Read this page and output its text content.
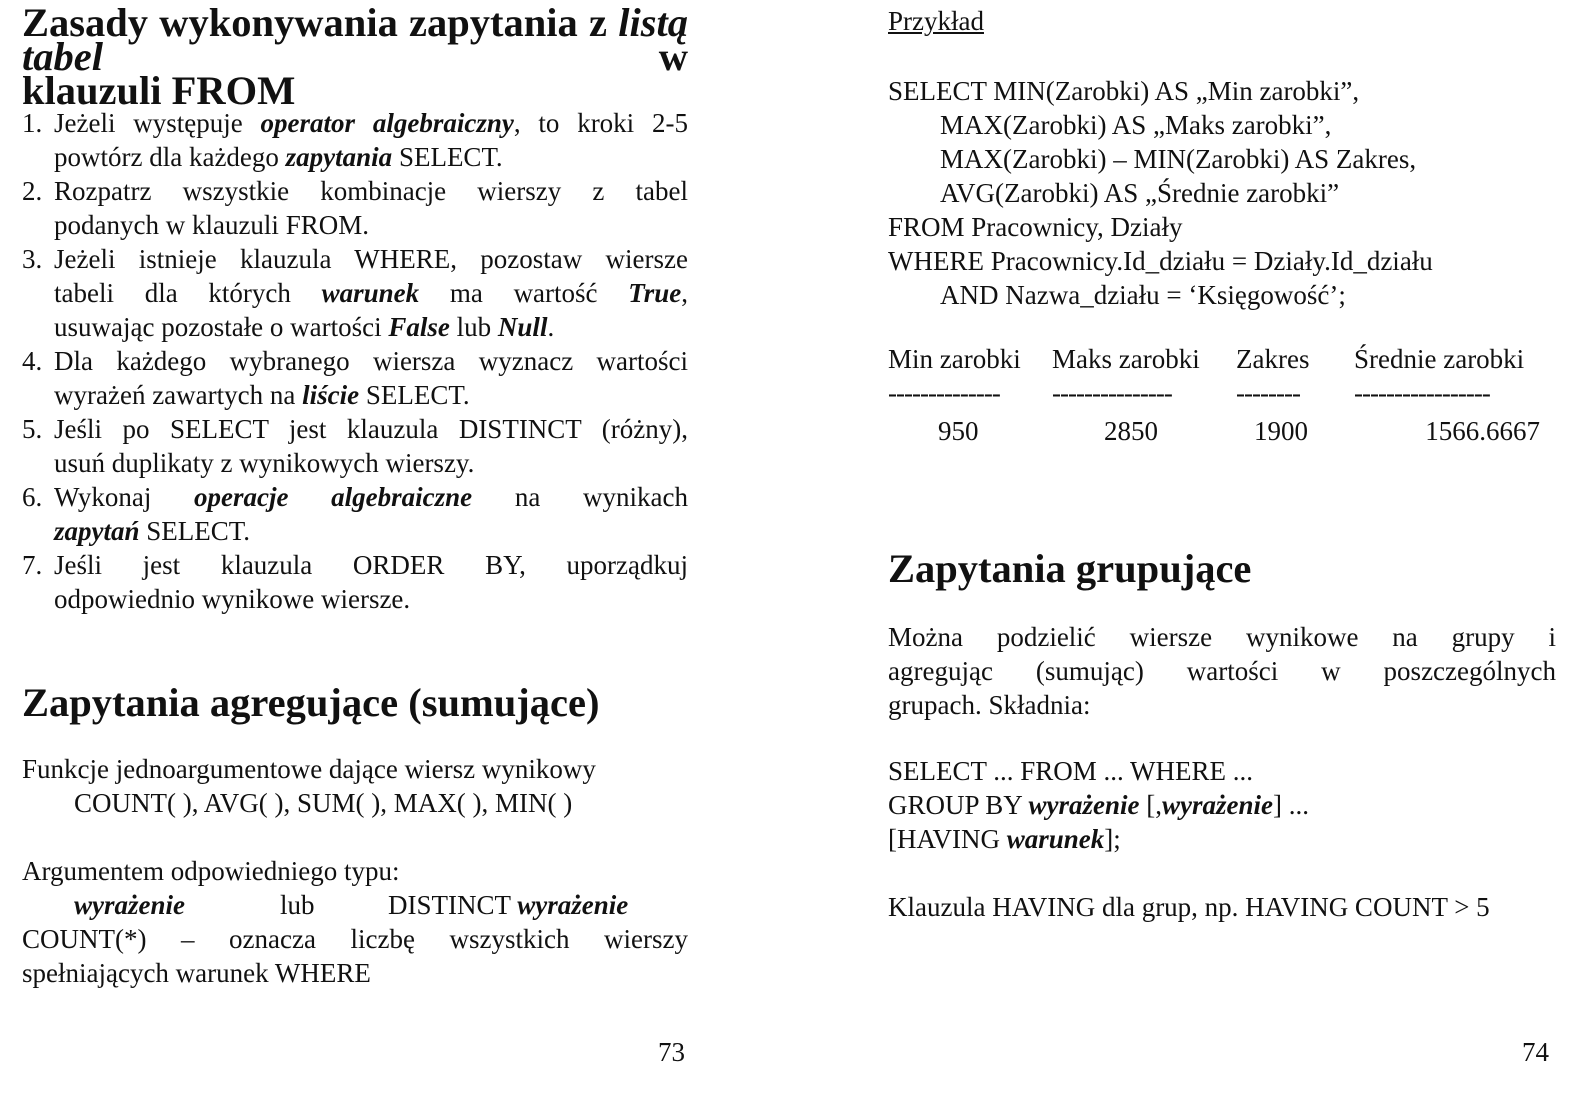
Zasady wykonywania zapytania z listą tabel w
klauzuli FROM
1. Jeżeli występuje operator algebraiczny, to kroki 2-5
powtórz dla każdego zapytania SELECT.
2. Rozpatrz wszystkie kombinacje wierszy z tabel
podanych w klauzuli FROM.
3. Jeżeli istnieje klauzula WHERE, pozostaw wiersze
tabeli dla których warunek ma wartość True,
usuwając pozostałe o wartości False lub Null.
4. Dla każdego wybranego wiersza wyznacz wartości
wyrażeń zawartych na liście SELECT.
5. Jeśli po SELECT jest klauzula DISTINCT (różny),
usuń duplikaty z wynikowych wierszy.
6. Wykonaj operacje algebraiczne na wynikach
zapytań SELECT.
7. Jeśli jest klauzula ORDER BY, uporządkuj
odpowiednio wynikowe wiersze.
Zapytania agregujące (sumujące)
Funkcje jednoargumentowe dające wiersz wynikowy
COUNT( ), AVG( ), SUM( ), MAX( ), MIN( )
Argumentem odpowiedniego typu:
wyrażenie	lub	DISTINCT wyrażenie
COUNT(*) – oznacza liczbę wszystkich wierszy
spełniających warunek WHERE
73
Przykład
SELECT MIN(Zarobki) AS „Min zarobki”,
MAX(Zarobki) AS „Maks zarobki”,
MAX(Zarobki) – MIN(Zarobki) AS Zakres,
AVG(Zarobki) AS „Średnie zarobki”
FROM Pracownicy, Działy
WHERE Pracownicy.Id_działu = Działy.Id_działu
AND Nazwa_działu = ‘Księgowość’;
Min zarobki	Maks zarobki	Zakres	Średnie zarobki
--------------	---------------	--------	-----------------
950	2850	1900	1566.6667
Zapytania grupujące
Można podzielić wiersze wynikowe na grupy i
agregując (sumując) wartości w poszczególnych
grupach. Składnia:
SELECT ... FROM ... WHERE ...
GROUP BY wyrażenie [,wyrażenie] ...
[HAVING warunek];
Klauzula HAVING dla grup, np. HAVING COUNT > 5
74
